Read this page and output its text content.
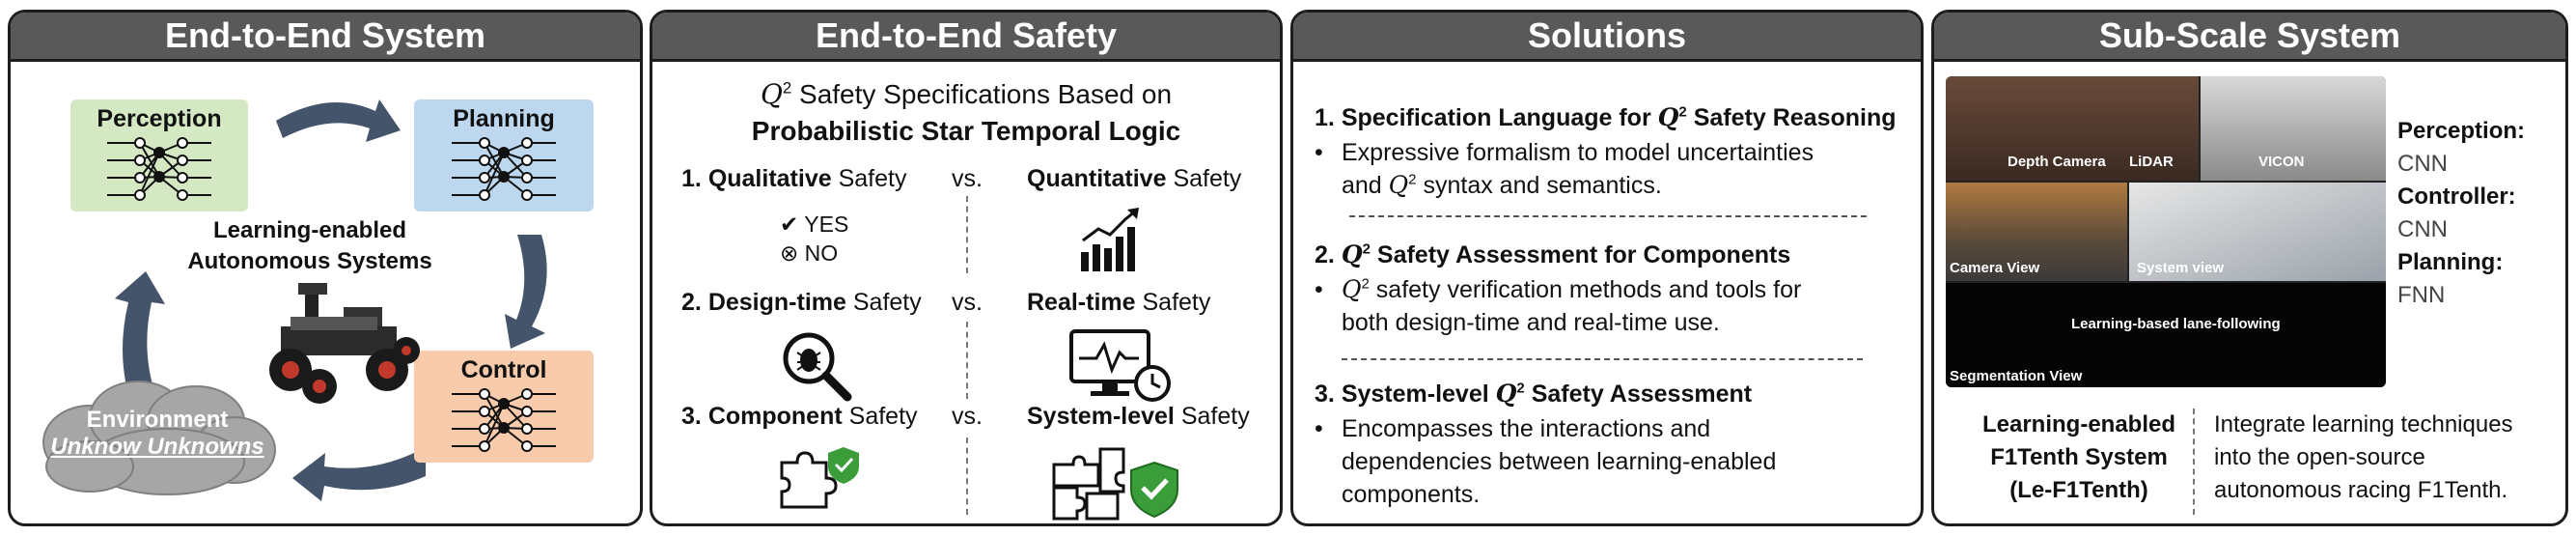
End-to-End System
Perception	Planning
Control
Learning-enabled
Autonomous Systems
Environment
Unknow Unknowns
End-to-End Safety
$Q^2$ Safety Specifications Based on
Probabilistic Star Temporal Logic
1. Qualitative Safety vs. Quantitative Safety
✔︎ YES
⊗ NO
2. Design-time Safety vs. Real-time Safety
3. Component Safety vs. System-level Safety
Solutions
1. Specification Language for $Q^2$ Safety Reasoning
• Expressive formalism to model uncertainties
and $Q^2$ syntax and semantics.
2. $Q^2$ Safety Assessment for Components
• $Q^2$ safety verification methods and tools for
both design-time and real-time use.
3. System-level $Q^2$ Safety Assessment
• Encompasses the interactions and
dependencies between learning-enabled
components.
Sub-Scale System
Depth Camera LiDAR	VICON
Camera View	System view
Learning-based lane-following
Segmentation View
Perception:
CNN
Controller:
CNN
Planning:
FNN
Learning-enabled
F1Tenth System
(Le-F1Tenth)
Integrate learning techniques
into the open-source
autonomous racing F1Tenth.
